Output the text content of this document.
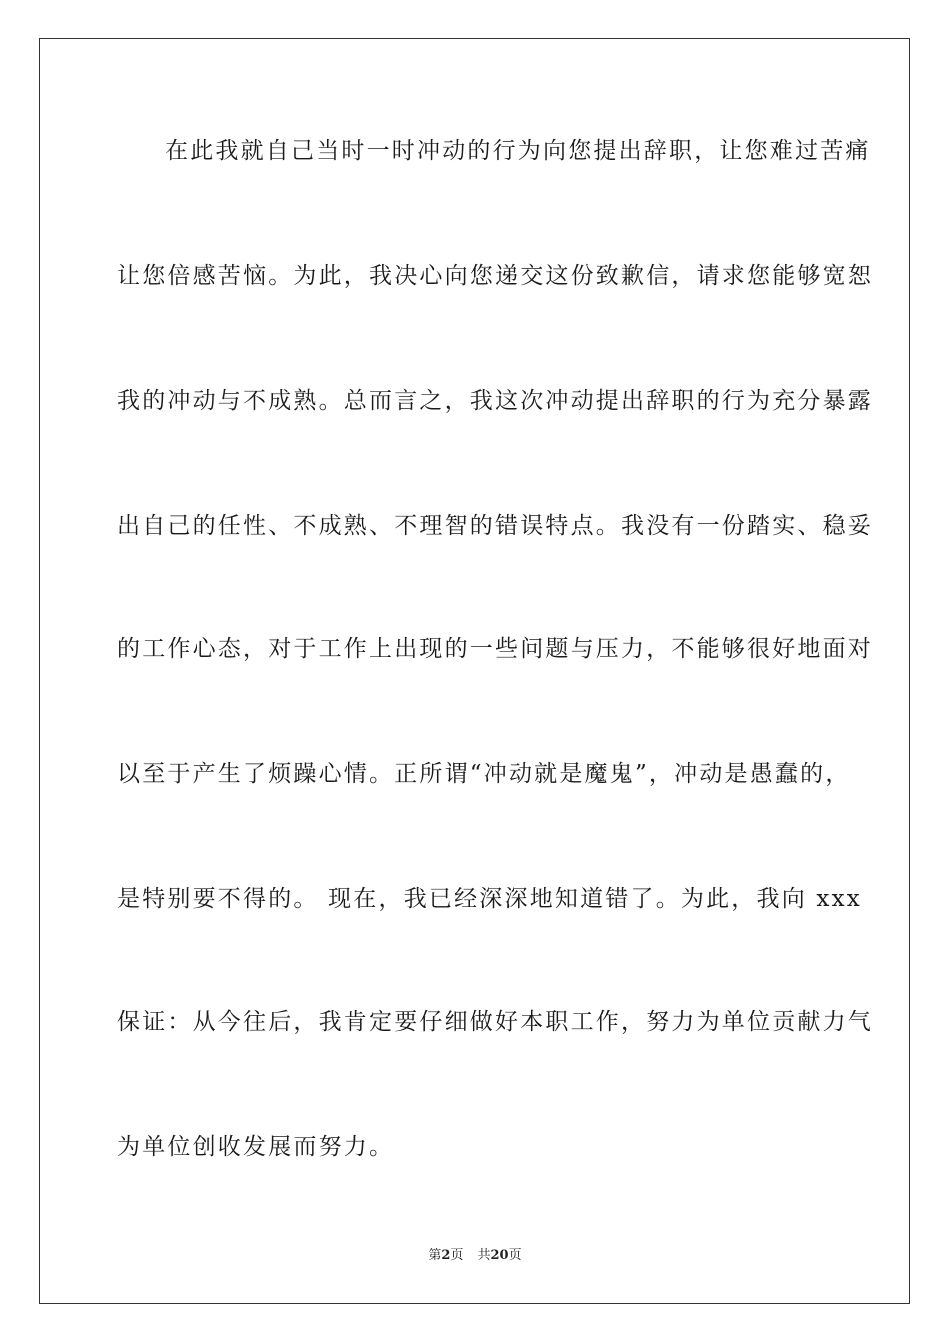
在此我就自己当时一时冲动的行为向您提出辞职，让您难过苦痛
让您倍感苦恼。为此，我决心向您递交这份致歉信，请求您能够宽恕
我的冲动与不成熟。总而言之，我这次冲动提出辞职的行为充分暴露
出自己的任性、不成熟、不理智的错误特点。我没有一份踏实、稳妥
的工作心态，对于工作上出现的一些问题与压力，不能够很好地面对
以至于产生了烦躁心情。正所谓“冲动就是魔鬼”，冲动是愚蠢的，
是特别要不得的。 现在，我已经深深地知道错了。为此，我向 xxx
保证：从今往后，我肯定要仔细做好本职工作，努力为单位贡献力气
为单位创收发展而努力。
第2页 共20页
